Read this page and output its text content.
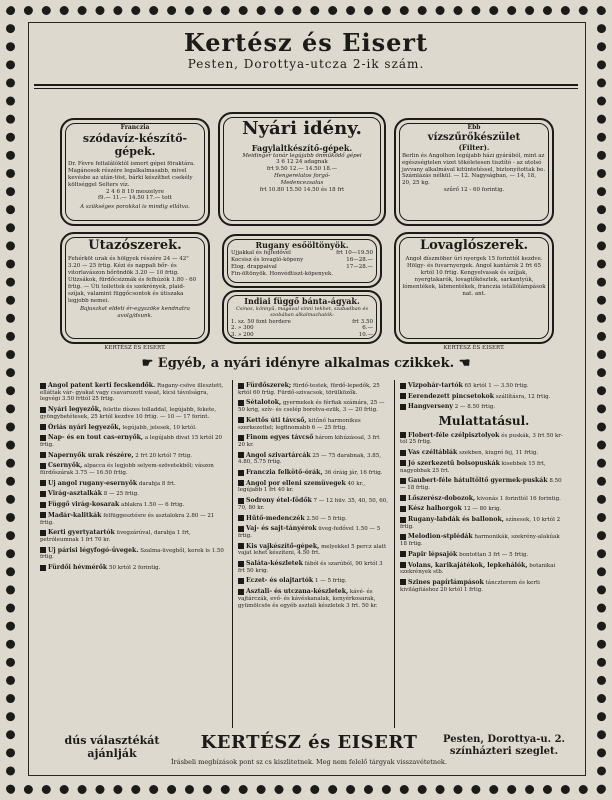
Kertész és Eisert
Pesten, Dorottya-utcza 2-ik szám.
Franczia
szódavíz-készítő-gépek.
Dr. Fèvre feltalálóktól ismert gépei föraktára. Magánosok részére legalkalmasabb, mivel kevésbe az után-töst, bárki készíthet csekély költséggel Selters víz.
2 4 6 8 10 meszelyre
f9.— 11.— 14.50 17.— tott
A szükséges porokkal is mindig ellátva.
Nyári idény.
Fagylaltkészítő-gépek.
Meidinger tanár legújabb önműködő gépei
3 6 12 24 adagnak
frt 9.50 12.— 14.50 18.—
Hengerelatos forgó-
Medencezsalus
frt 10.80 15.50 14.50 és 18 frt
Ebb
vízszűrőkészület
(Filter).
Berlin és Angolhon legújabb házi gyárából, mint az egészségtelen vizet tökéletesen tisztító - az utolsó javvany alkalmával kitüntetéssel, biztonyítottak be. Számlázás nélkül. — 12. Nagyságban, — 14, 18, 20, 25 kg.
szűrő 12 - 60 forintig.
Utazószerek.
Fehérköt urak és hölgyek részére 24 — 42" 3.20 — 25 frtig. Kézi és nappali bőr- és vitorlavászon bőröndök 3.20 — 10 frtig. Utizsákok, fürdőcsizmák és felhúzók 1.80 - 60 frtig. — Úti toilettek és szekrények, plaid-szíjak, valamint függőcsontok és útiszaka legjobb nemei.
Bajuszkat eldeti ér-egyszöke kendnatra avolg/dsunk.
Rugany esőöltönyök.
Ujjakkal és fejfedővel	frt 10—19.50
Kocsisz és lovagló-köpeny	16—28.—
Elog. drappaival	17—28.—
Fin-öltönyök. Honvédtiszt-köpenyek.	
Indiai függő bánta-ágyak.
Csinos, könnyű, magával vinni tekhet, szabadban és szobában alkalmazhatók:
1. sz. 50 font herdere	frt 3.50
2. » 300	6.—
3. » 200	10.—
Lovaglószerek.
Angol díszmöber úri nyergek 15 forinttól kezdve. Hölgy- és fuvarnyergek. Angol kantárok 2 frt 65 krtól 10 frtig. Kengyelvasak és szíjjak, nyergtakarók, lovagtőkösztek, sarkantyúk, lómentékek, lábmentékek, franczia istállólámpások nat. ant.
KERTÉSZ ÉS EISERT.	KERTÉSZ ÉS EISERT.
☛ Egyéb, a nyári idényre alkalmas czikkek. ☚
Angol patent kerti fecskendők. Rugany-csöve illesztett, elláttak vár- gyakat vagy csavarozott vasat, kicsi távolságra, legvégi 3.50 frttól 25 frtig.
Nyári legyezők, felette díszes tolladdal, legújabb, fekete, gyöngybetétesek, 25 krtól kezdve 10 frtig. — 10 — 17 forint.
Óriás nyári legyezők, legújabb, jelesek, 10 krtól.
Nap- és en tout cas-ernyők, a legújabb divat 15 krtól 20 frtig.
Napernyők urak részére, 2 frt 20 krtól 7 frtig.
Csernyők, alpacca és legjobb selyem-szövetekből; vászon fürdőszárak 3.75 — 16.50 frtig.
Uj angol rugany-esernyők darabja 8 frt.
Virág-asztalkák 8 — 25 frtig.
Függő virág-kosarak ablakra 1.50 — 6 frtig.
Madár-kalitkák felfüggesztésre és asztalokra 2.80 — 21 frtig.
Kerti gyertyatartók üvegzárúval, darabja 1 frt, petróleumnak 1 frt 70 kr.
Uj párisi légyfogó-üvegek. Szalma-üvegből, kerek is 1.50 frtig.
Fürdői hévmérők 50 krtól 2 forintig.
Fürdőszerek; fürdő-testek, fürdő-lepedők, 25 krtól 60 frtig. Fürdő-szivacsok, törülközők.
Sétalotok, gyermekek és férfiak számára, 25 — 50 krig, szív- és cselép borotva-ezük, 3 — 20 frtig.
Kettős úti távcső, kitűnő harmonikus szerkezettel; legfinomabb 6 — 25 frtig.
Finom egyes távcső három kihúzással, 3 frt 20 kr.
Angol szivartárcák 25 — 75 darabnak, 3.85, 4.80, 5.75 frtig.
Franczia felkötő-órák, 36 óráig jár, 16 frtig.
Angol por elleni szemüvegek 40 kr., legújabb 1 frt 40 kr.
Sodrony étel-födők 7 — 12 hüv. 35, 40, 50, 60, 70, 80 kr.
Hűtő-medenczék 2.50 — 5 frtig.
Vaj- és sajt-tányérok üveg-fedővel 1.50 — 5 frtig.
Kis vajkészítő-gépek, melyekkel 5 percz alatt vajat lehet készíteni, 4.50 frt.
Saláta-készletek fából és szarúból, 90 krtól 3 frt 50 krig.
Eczet- és olajtartók 1 — 5 frtig.
Asztali- és utczana-készletek, kávé- és vajtárczák, evő- és kávéskanalak, kenyérkosarak, gyümölcsös és egyéb asztali készletek 3 frt. 50 kr.
Vizpohár-tartók 65 krtól 1 — 3.50 frtig.
Eerendezett pincsetokok szállításra, 12 frtig.
Hangverseny 2 — 8.50 frtig.
Mulattatásul.
Flobert-féle czélpisztolyok és puskák, 3 frt 50 kr-tól 25 frtig.
Vas czéltáblák szekben, kiugró fej, 11 frtig.
Jó szerkezetű bolsopuskák kisebbek 15 frt, nagyobbak 25 frt.
Gaubert-féle hátultöltő gyermek-puskák 8.50 — 18 frtig.
Lőszerész-dobozok, kivonás 1 forinttól 16 forintig.
Kész halhorgok 12 — 80 krig.
Rugany-labdák és ballonok, színesek, 10 krtól 2 frtig.
Melodion-stplédák harmonikák, szekrény-alakúak 18 frtig.
Papir lépsajók bontottan 3 frt — 5 frtig.
Volans, karikajátékok, lepkehálók, botanikai szekrények stb.
Szines papírlámpások tánczterem és kerti kivilágításhoz 20 krtól 1 frtig.
dús választékát
ajánlják
KERTÉSZ és EISERT	Pesten, Dorottya-u. 2.
színházteri szeglet.
Írásbeli megbízások pont sz cs kiszlitetnek. Meg nem felelő tárgyak visszavétetnek.
